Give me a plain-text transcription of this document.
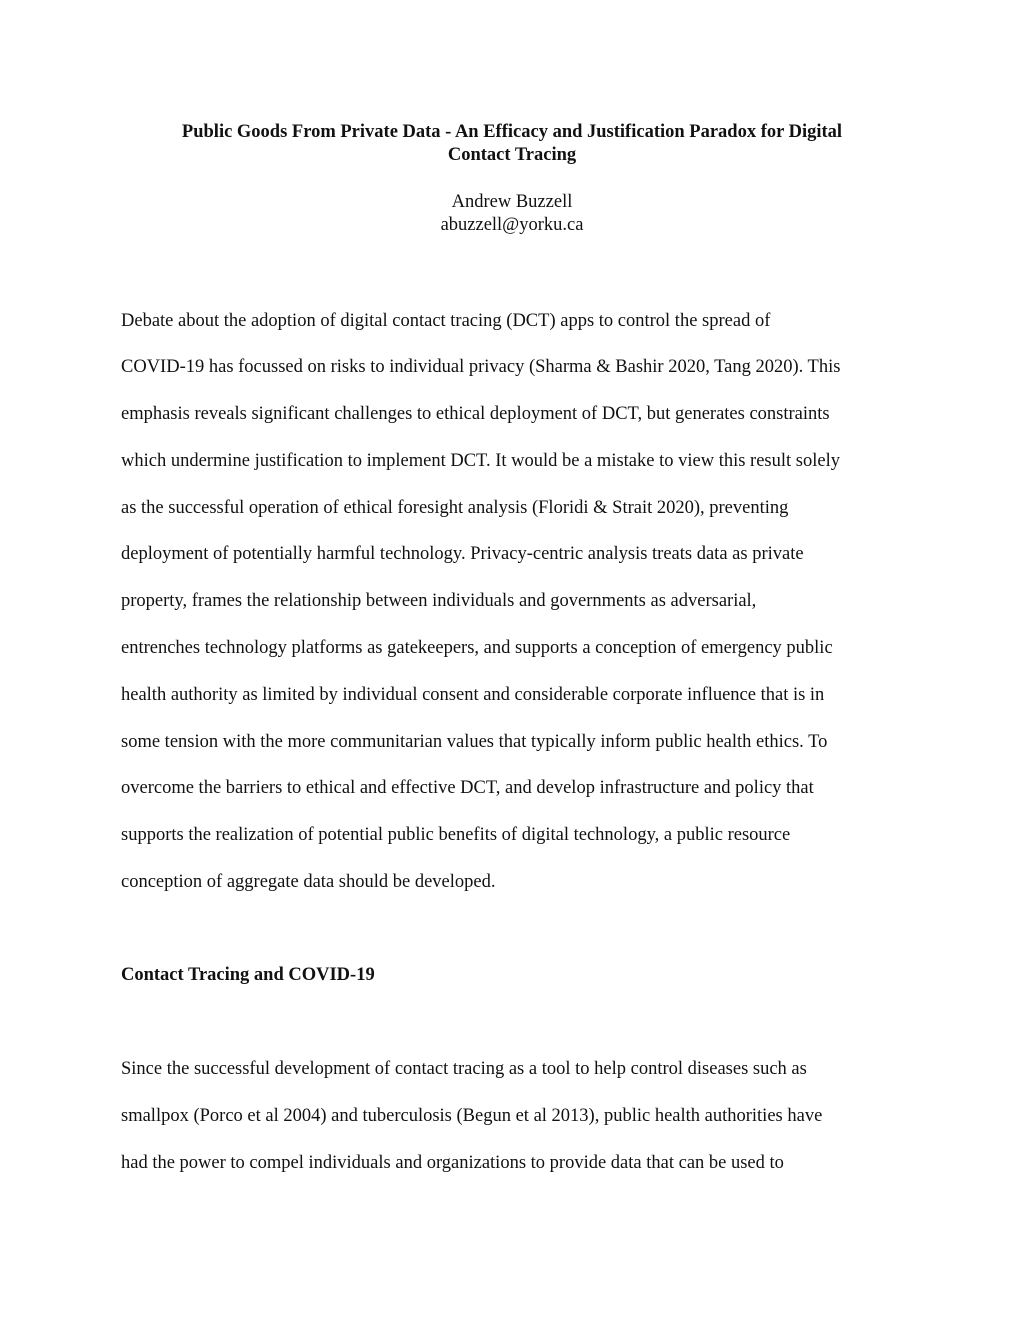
Public Goods From Private Data - An Efficacy and Justification Paradox for Digital
Contact Tracing
Andrew Buzzell
abuzzell@yorku.ca

Debate about the adoption of digital contact tracing (DCT) apps to control the spread of

COVID-19 has focussed on risks to individual privacy (Sharma & Bashir 2020, Tang 2020). This

emphasis reveals significant challenges to ethical deployment of DCT, but generates constraints

which undermine justification to implement DCT. It would be a mistake to view this result solely

as the successful operation of ethical foresight analysis (Floridi & Strait 2020), preventing

deployment of potentially harmful technology. Privacy-centric analysis treats data as private

property, frames the relationship between individuals and governments as adversarial,

entrenches technology platforms as gatekeepers, and supports a conception of emergency public

health authority as limited by individual consent and considerable corporate influence that is in

some tension with the more communitarian values that typically inform public health ethics. To

overcome the barriers to ethical and effective DCT, and develop infrastructure and policy that

supports the realization of potential public benefits of digital technology, a public resource

conception of aggregate data should be developed.

Contact Tracing and COVID-19

Since the successful development of contact tracing as a tool to help control diseases such as

smallpox (Porco et al 2004) and tuberculosis (Begun et al 2013), public health authorities have

had the power to compel individuals and organizations to provide data that can be used to
